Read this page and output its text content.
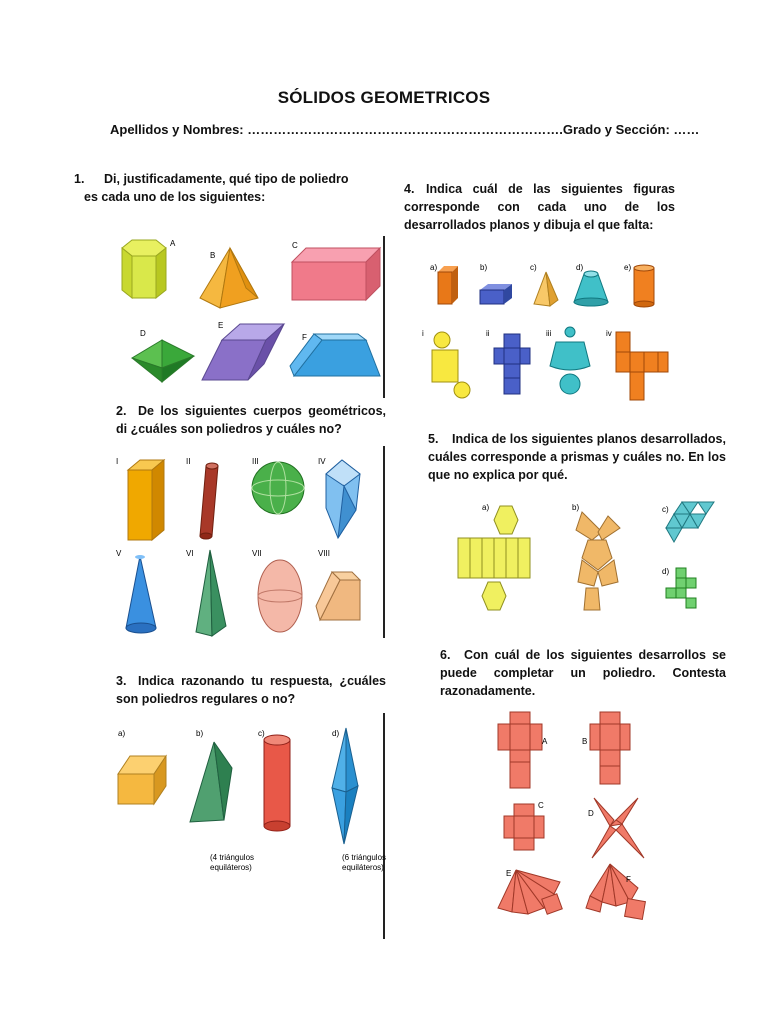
SÓLIDOS GEOMETRICOS
Apellidos y Nombres: ……………………………………………………………….Grado y Sección: ……
1. Di, justificadamente, qué tipo de poliedro
es cada uno de los siguientes:
A
B
C
D
E
F
2. De los siguientes cuerpos geométricos, di ¿cuáles son poliedros y cuáles no?
I	II	III	IV
V	VI	VII	VIII
3. Indica razonando tu respuesta, ¿cuáles son poliedros regulares o no?
a)	b)
(4 triángulos equiláteros)
c)	d)
(6 triángulos equiláteros)
4. Indica cuál de las siguientes figuras corresponde con cada uno de los desarrollados planos y dibuja el que falta:
a)	b)	c)	d)	e)
i	ii	iii	iv
5. Indica de los siguientes planos desarrollados, cuáles corresponde a prismas y cuáles no. En los que no explica por qué.
a)	b)	c)
d)
6. Con cuál de los siguientes desarrollos se puede completar un poliedro. Contesta razonadamente.
A	B
C
D
E
F
